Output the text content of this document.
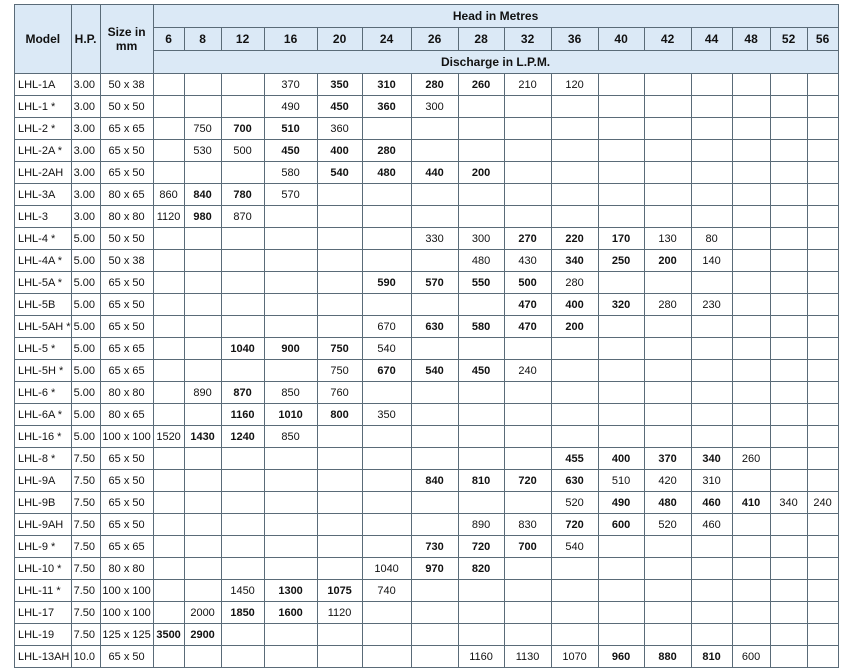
Model	H.P.	Size in
mm	Head in Metres															
			6	8	12	16	20	24	26	28	32	36	40	42	44	48	52	56
			Discharge in L.P.M.															
LHL-1A	3.00	50 x 38				370	350	310	280	260	210	120						
LHL-1 *	3.00	50 x 50				490	450	360	300									
LHL-2 *	3.00	65 x 65		750	700	510	360											
LHL-2A *	3.00	65 x 50		530	500	450	400	280										
LHL-2AH	3.00	65 x 50				580	540	480	440	200								
LHL-3A	3.00	80 x 65	860	840	780	570												
LHL-3	3.00	80 x 80	1120	980	870													
LHL-4 *	5.00	50 x 50							330	300	270	220	170	130	80			
LHL-4A *	5.00	50 x 38								480	430	340	250	200	140			
LHL-5A *	5.00	65 x 50						590	570	550	500	280						
LHL-5B	5.00	65 x 50									470	400	320	280	230			
LHL-5AH *	5.00	65 x 50						670	630	580	470	200						
LHL-5 *	5.00	65 x 65			1040	900	750	540										
LHL-5H *	5.00	65 x 65					750	670	540	450	240							
LHL-6 *	5.00	80 x 80		890	870	850	760											
LHL-6A *	5.00	80 x 65			1160	1010	800	350										
LHL-16 *	5.00	100 x 100	1520	1430	1240	850												
LHL-8 *	7.50	65 x 50										455	400	370	340	260		
LHL-9A	7.50	65 x 50							840	810	720	630	510	420	310			
LHL-9B	7.50	65 x 50										520	490	480	460	410	340	240
LHL-9AH	7.50	65 x 50								890	830	720	600	520	460			
LHL-9 *	7.50	65 x 65							730	720	700	540						
LHL-10 *	7.50	80 x 80						1040	970	820								
LHL-11 *	7.50	100 x 100			1450	1300	1075	740										
LHL-17	7.50	100 x 100		2000	1850	1600	1120											
LHL-19	7.50	125 x 125	3500	2900														
LHL-13AH	10.0	65 x 50								1160	1130	1070	960	880	810	600		
